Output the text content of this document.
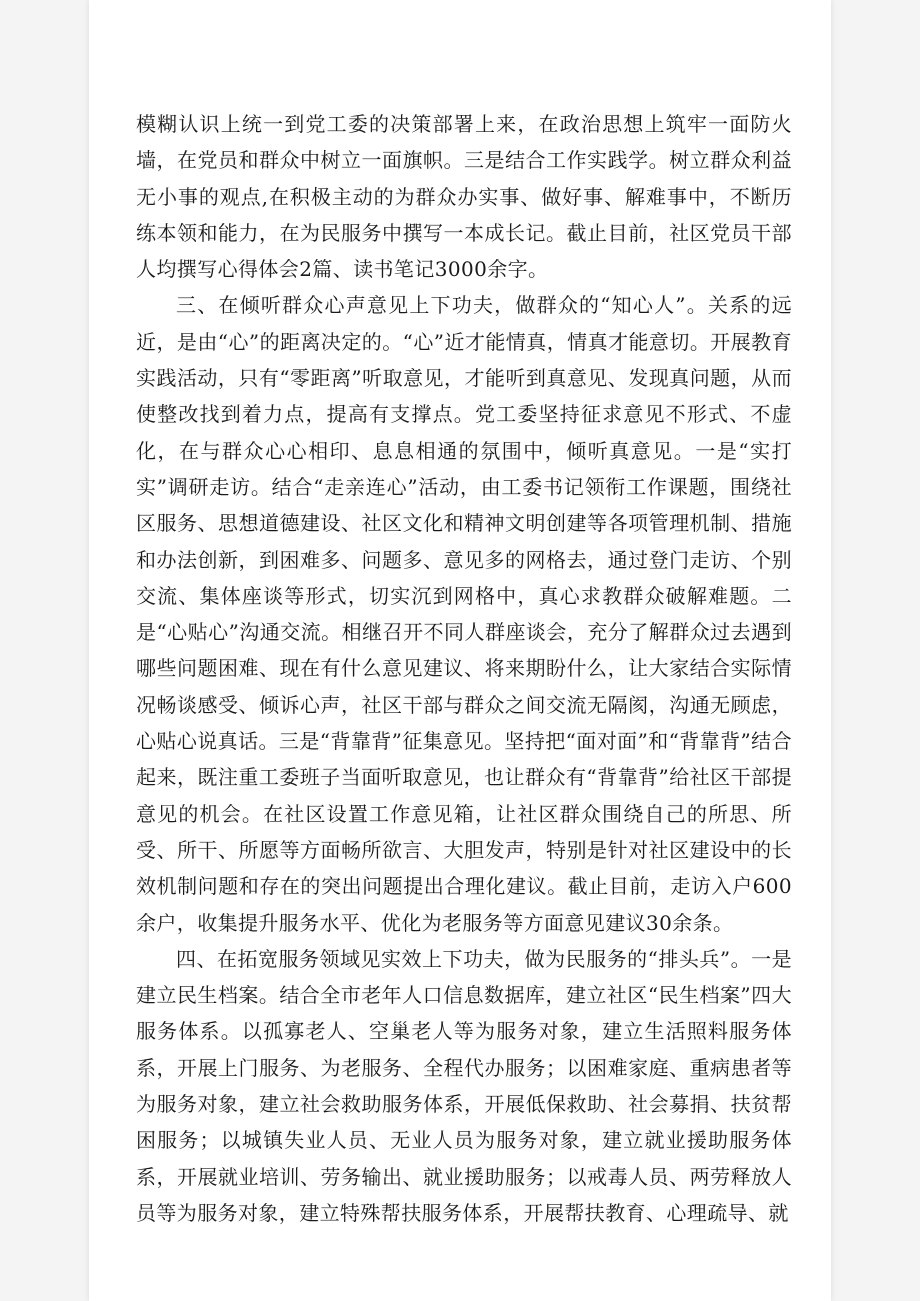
模糊认识上统一到党工委的决策部署上来，在政治思想上筑牢一面防火墙，在党员和群众中树立一面旗帜。三是结合工作实践学。树立群众利益无小事的观点,在积极主动的为群众办实事、做好事、解难事中，不断历练本领和能力，在为民服务中撰写一本成长记。截止目前，社区党员干部人均撰写心得体会2篇、读书笔记3000余字。

三、在倾听群众心声意见上下功夫，做群众的“知心人”。关系的远近，是由“心”的距离决定的。“心”近才能情真，情真才能意切。开展教育实践活动，只有“零距离”听取意见，才能听到真意见、发现真问题，从而使整改找到着力点，提高有支撑点。党工委坚持征求意见不形式、不虚化，在与群众心心相印、息息相通的氛围中，倾听真意见。一是“实打实”调研走访。结合“走亲连心”活动，由工委书记领衔工作课题，围绕社区服务、思想道德建设、社区文化和精神文明创建等各项管理机制、措施和办法创新，到困难多、问题多、意见多的网格去，通过登门走访、个别交流、集体座谈等形式，切实沉到网格中，真心求教群众破解难题。二是“心贴心”沟通交流。相继召开不同人群座谈会，充分了解群众过去遇到哪些问题困难、现在有什么意见建议、将来期盼什么，让大家结合实际情况畅谈感受、倾诉心声，社区干部与群众之间交流无隔阂，沟通无顾虑，心贴心说真话。三是“背靠背”征集意见。坚持把“面对面”和“背靠背”结合起来，既注重工委班子当面听取意见，也让群众有“背靠背”给社区干部提意见的机会。在社区设置工作意见箱，让社区群众围绕自己的所思、所受、所干、所愿等方面畅所欲言、大胆发声，特别是针对社区建设中的长效机制问题和存在的突出问题提出合理化建议。截止目前，走访入户600余户，收集提升服务水平、优化为老服务等方面意见建议30余条。

四、在拓宽服务领域见实效上下功夫，做为民服务的“排头兵”。一是建立民生档案。结合全市老年人口信息数据库，建立社区“民生档案”四大服务体系。以孤寡老人、空巢老人等为服务对象，建立生活照料服务体系，开展上门服务、为老服务、全程代办服务；以困难家庭、重病患者等为服务对象，建立社会救助服务体系，开展低保救助、社会募捐、扶贫帮困服务；以城镇失业人员、无业人员为服务对象，建立就业援助服务体系，开展就业培训、劳务输出、就业援助服务；以戒毒人员、两劳释放人员等为服务对象，建立特殊帮扶服务体系，开展帮扶教育、心理疏导、就
